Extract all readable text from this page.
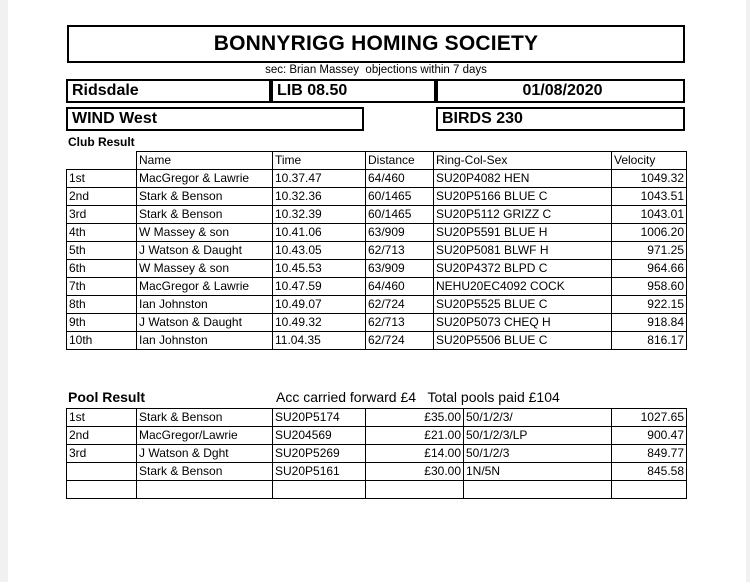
BONNYRIGG HOMING SOCIETY
sec: Brian Massey  objections within 7 days
Ridsdale	LIB 08.50	01/08/2020
WIND West	BIRDS 230
Club Result
	Name	Time	Distance	Ring-Col-Sex	Velocity
1st	MacGregor & Lawrie	10.37.47	64/460	SU20P4082 HEN	1049.32
2nd	Stark & Benson	10.32.36	60/1465	SU20P5166 BLUE C	1043.51
3rd	Stark & Benson	10.32.39	60/1465	SU20P5112 GRIZZ C	1043.01
4th	W Massey & son	10.41.06	63/909	SU20P5591 BLUE H	1006.20
5th	J Watson & Daught	10.43.05	62/713	SU20P5081 BLWF H	971.25
6th	W Massey & son	10.45.53	63/909	SU20P4372 BLPD C	964.66
7th	MacGregor & Lawrie	10.47.59	64/460	NEHU20EC4092 COCK	958.60
8th	Ian Johnston	10.49.07	62/724	SU20P5525 BLUE C	922.15
9th	J Watson & Daught	10.49.32	62/713	SU20P5073 CHEQ H	918.84
10th	Ian Johnston	11.04.35	62/724	SU20P5506 BLUE C	816.17
Pool Result	Acc carried forward £4   Total pools paid £104
1st	Stark & Benson	SU20P5174	£35.00	50/1/2/3/	1027.65
2nd	MacGregor/Lawrie	SU204569	£21.00	50/1/2/3/LP	900.47
3rd	J Watson & Dght	SU20P5269	£14.00	50/1/2/3	849.77
	Stark & Benson	SU20P5161	£30.00	1N/5N	845.58
